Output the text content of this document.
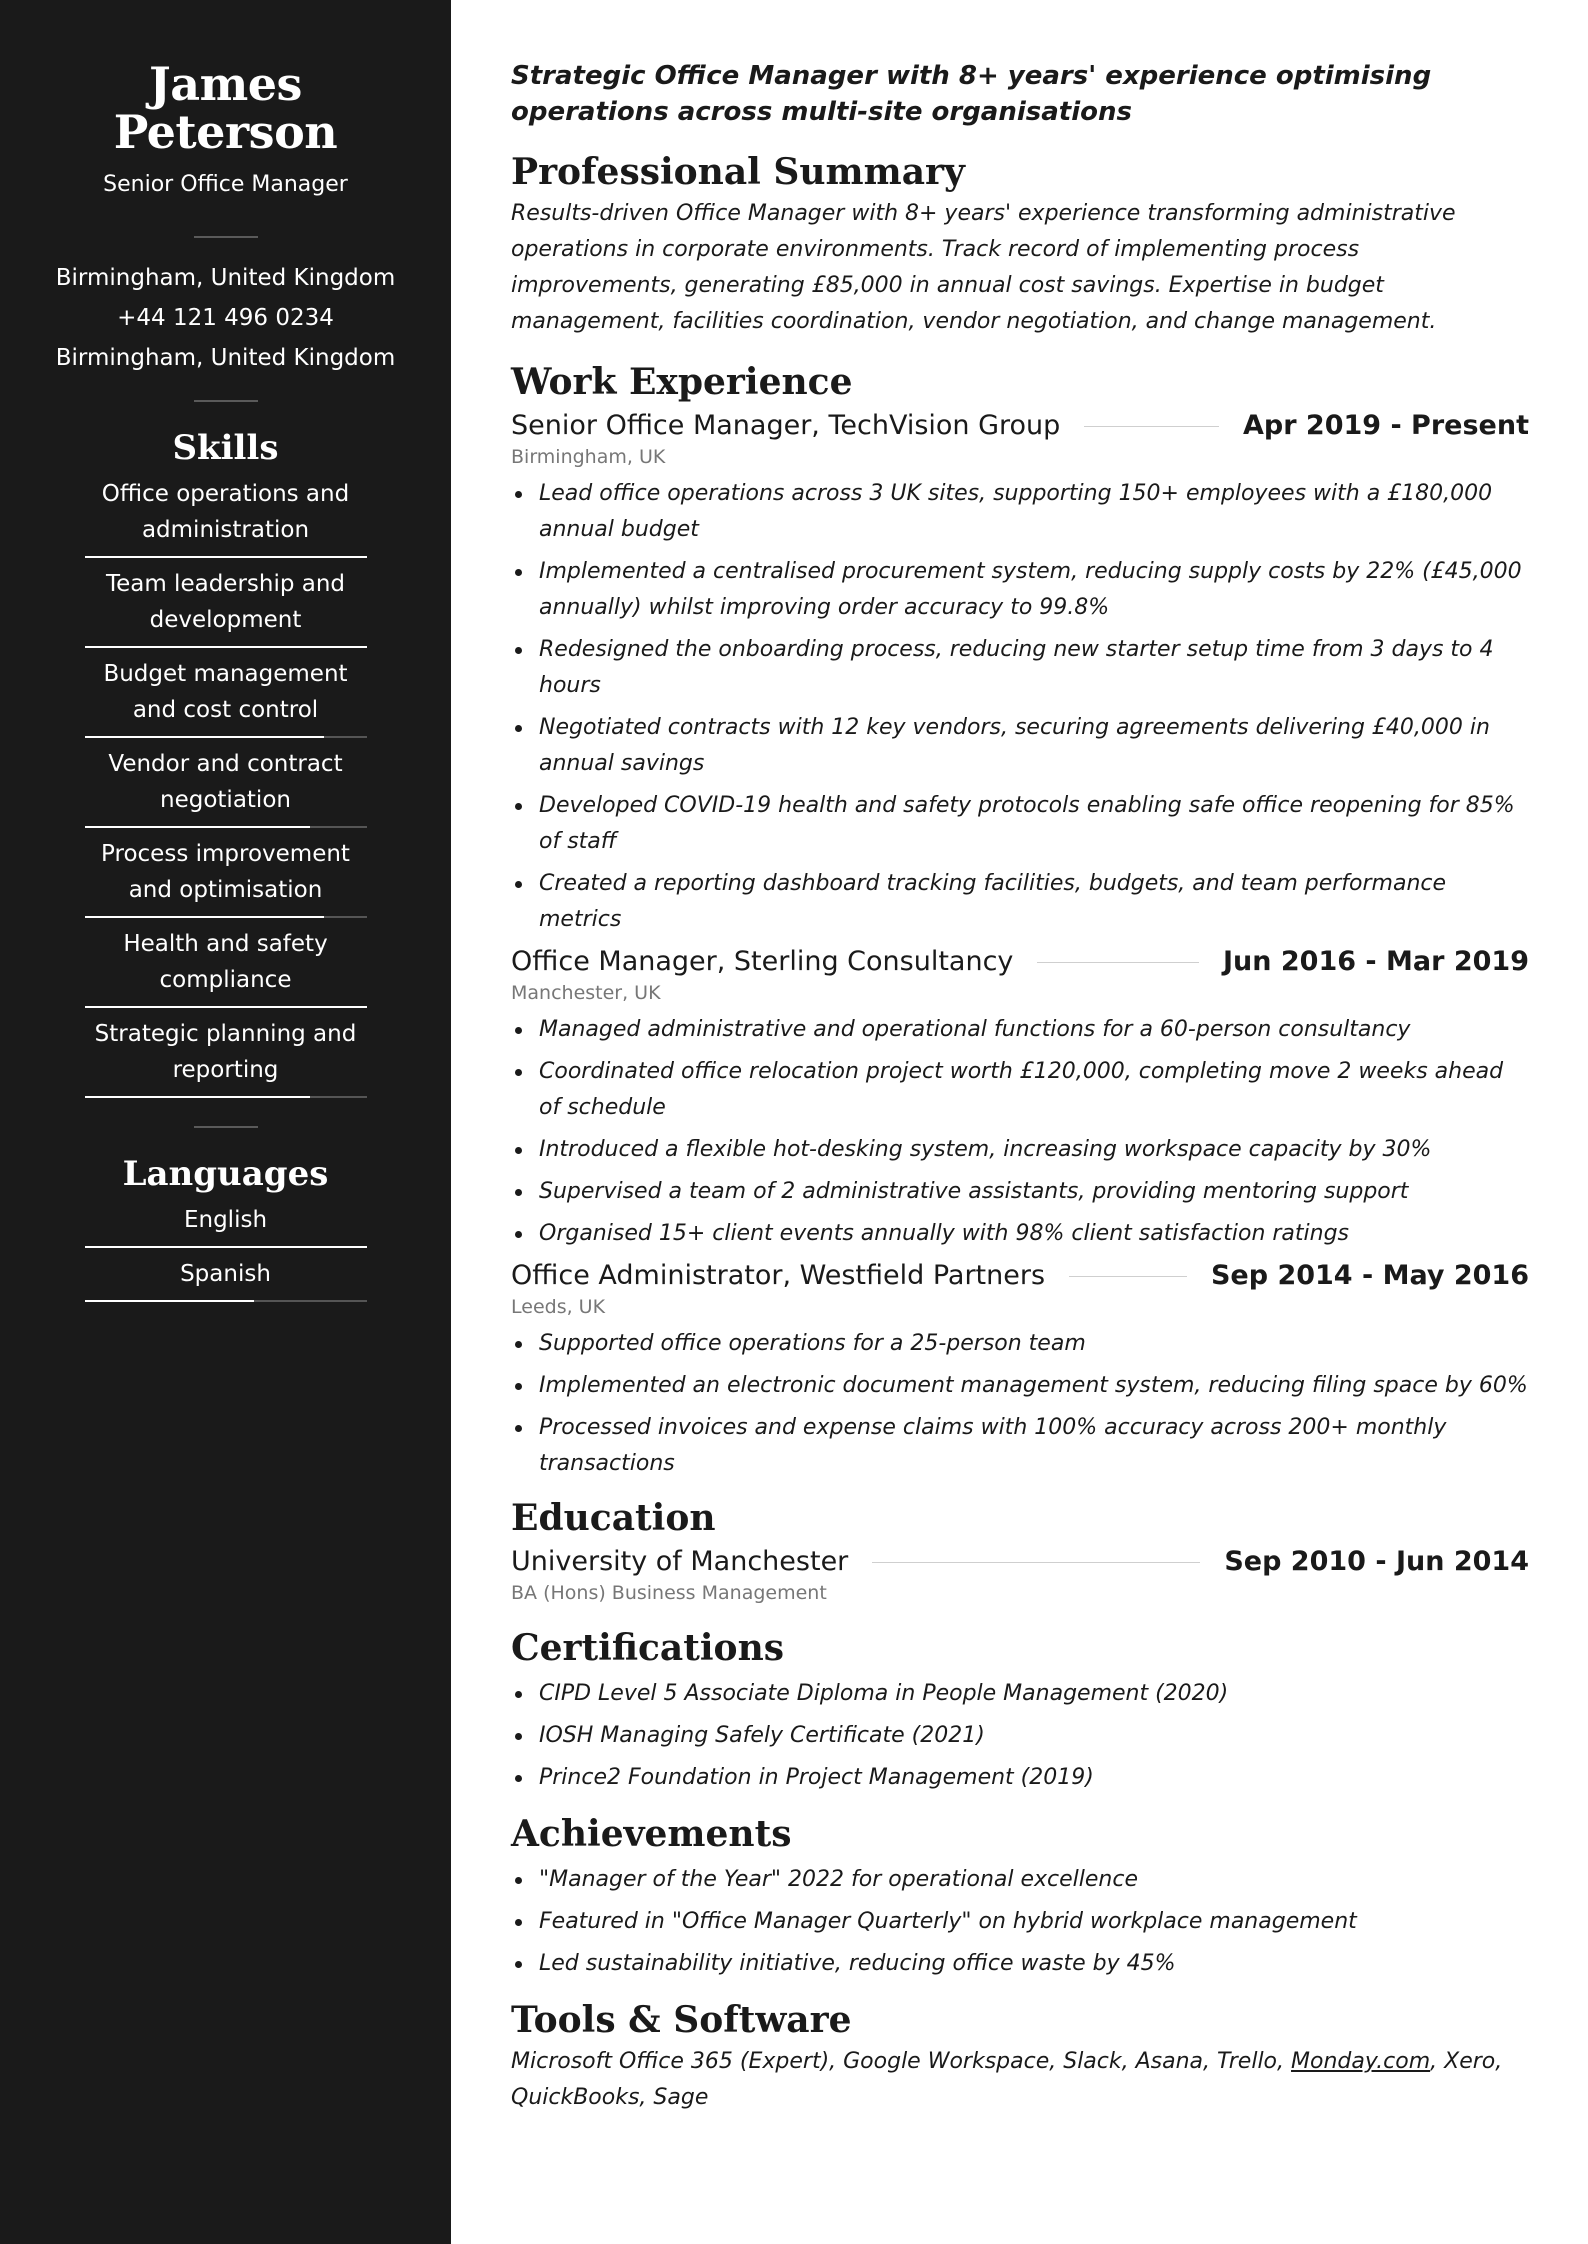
James
Peterson
Senior Office Manager
Birmingham, United Kingdom
+44 121 496 0234
Birmingham, United Kingdom
Skills
Office operations and administration
Team leadership and development
Budget management and cost control
Vendor and contract negotiation
Process improvement and optimisation
Health and safety compliance
Strategic planning and reporting
Languages
English
Spanish
Strategic Office Manager with 8+ years' experience optimising operations across multi-site organisations
Professional Summary

Results-driven Office Manager with 8+ years' experience transforming administrative operations in corporate environments. Track record of implementing process improvements, generating £85,000 in annual cost savings. Expertise in budget management, facilities coordination, vendor negotiation, and change management.

Work Experience
Senior Office Manager, TechVision Group	Apr 2019 - Present
Birmingham, UK
Lead office operations across 3 UK sites, supporting 150+ employees with a £180,000 annual budget
Implemented a centralised procurement system, reducing supply costs by 22% (£45,000 annually) whilst improving order accuracy to 99.8%
Redesigned the onboarding process, reducing new starter setup time from 3 days to 4 hours
Negotiated contracts with 12 key vendors, securing agreements delivering £40,000 in annual savings
Developed COVID-19 health and safety protocols enabling safe office reopening for 85% of staff
Created a reporting dashboard tracking facilities, budgets, and team performance metrics
Office Manager, Sterling Consultancy	Jun 2016 - Mar 2019
Manchester, UK
Managed administrative and operational functions for a 60-person consultancy
Coordinated office relocation project worth £120,000, completing move 2 weeks ahead of schedule
Introduced a flexible hot-desking system, increasing workspace capacity by 30%
Supervised a team of 2 administrative assistants, providing mentoring support
Organised 15+ client events annually with 98% client satisfaction ratings
Office Administrator, Westfield Partners	Sep 2014 - May 2016
Leeds, UK
Supported office operations for a 25-person team
Implemented an electronic document management system, reducing filing space by 60%
Processed invoices and expense claims with 100% accuracy across 200+ monthly transactions
Education
University of Manchester	Sep 2010 - Jun 2014
BA (Hons) Business Management
Certifications
CIPD Level 5 Associate Diploma in People Management (2020)
IOSH Managing Safely Certificate (2021)
Prince2 Foundation in Project Management (2019)
Achievements
"Manager of the Year" 2022 for operational excellence
Featured in "Office Manager Quarterly" on hybrid workplace management
Led sustainability initiative, reducing office waste by 45%
Tools & Software

Microsoft Office 365 (Expert), Google Workspace, Slack, Asana, Trello, Monday.com, Xero, QuickBooks, Sage
